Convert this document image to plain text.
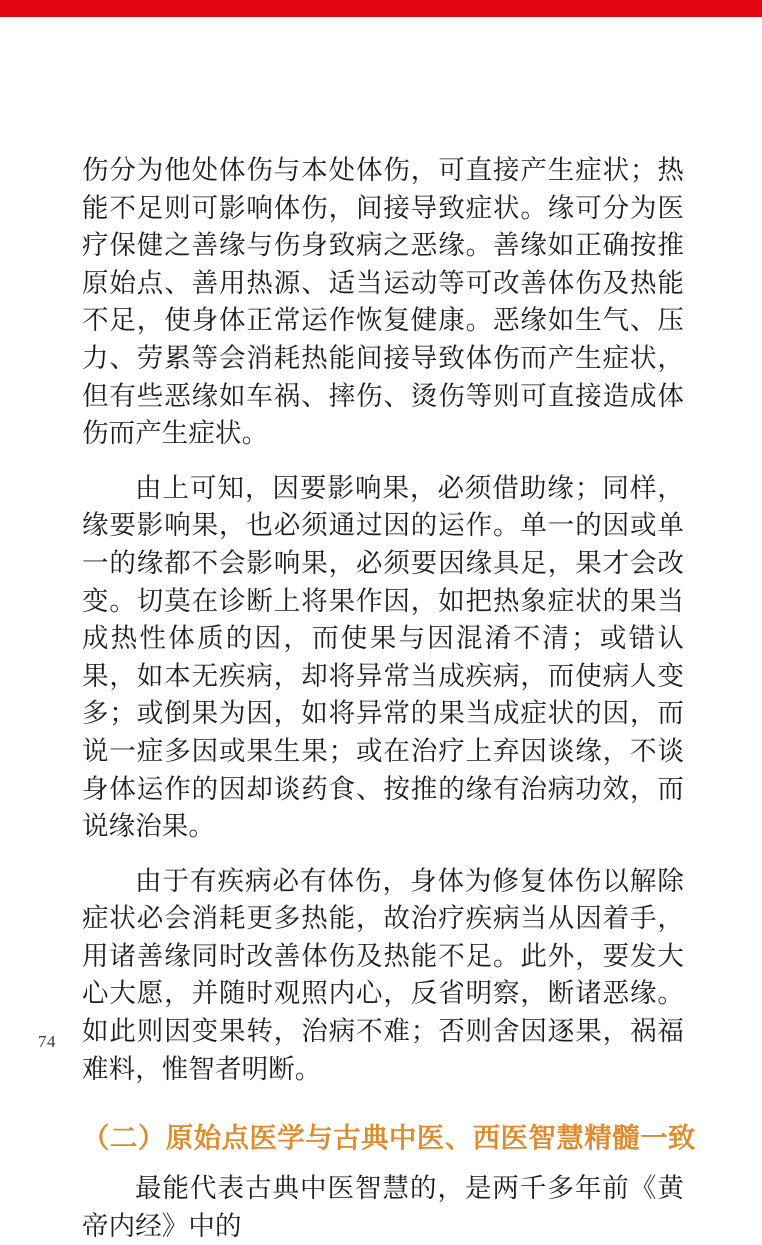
伤分为他处体伤与本处体伤，可直接产生症状；热能不足则可影响体伤，间接导致症状。缘可分为医疗保健之善缘与伤身致病之恶缘。善缘如正确按推原始点、善用热源、适当运动等可改善体伤及热能不足，使身体正常运作恢复健康。恶缘如生气、压力、劳累等会消耗热能间接导致体伤而产生症状，但有些恶缘如车祸、摔伤、烫伤等则可直接造成体伤而产生症状。

由上可知，因要影响果，必须借助缘；同样，缘要影响果，也必须通过因的运作。单一的因或单一的缘都不会影响果，必须要因缘具足，果才会改变。切莫在诊断上将果作因，如把热象症状的果当成热性体质的因，而使果与因混淆不清；或错认果，如本无疾病，却将异常当成疾病，而使病人变多；或倒果为因，如将异常的果当成症状的因，而说一症多因或果生果；或在治疗上弃因谈缘，不谈身体运作的因却谈药食、按推的缘有治病功效，而说缘治果。

由于有疾病必有体伤，身体为修复体伤以解除症状必会消耗更多热能，故治疗疾病当从因着手，用诸善缘同时改善体伤及热能不足。此外，要发大心大愿，并随时观照内心，反省明察，断诸恶缘。如此则因变果转，治病不难；否则舍因逐果，祸福难料，惟智者明断。

（二）原始点医学与古典中医、西医智慧精髓一致

最能代表古典中医智慧的，是两千多年前《黄帝内经》中的

74
